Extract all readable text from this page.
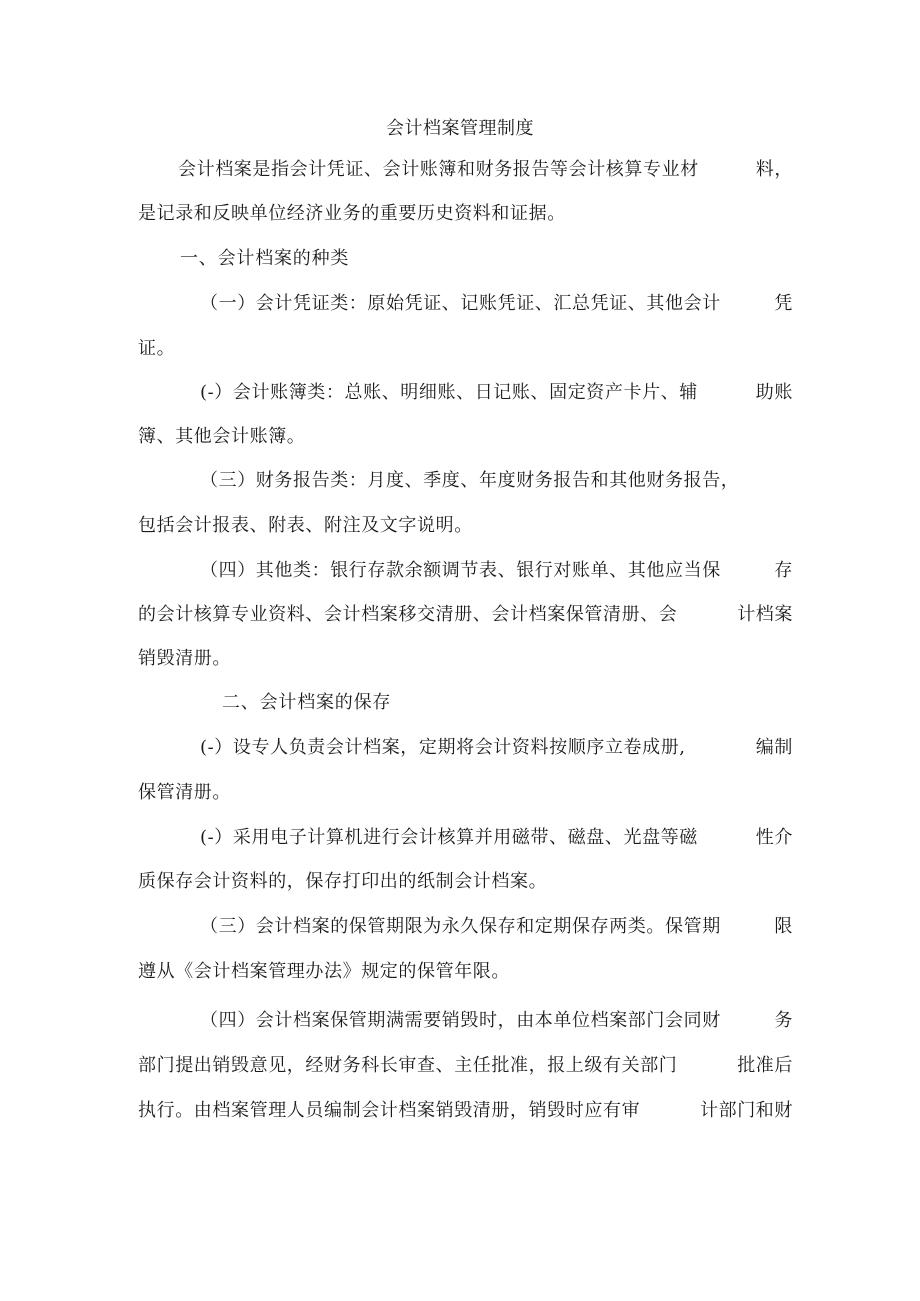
会计档案管理制度
会计档案是指会计凭证、会计账簿和财务报告等会计核算专业材	料，
是记录和反映单位经济业务的重要历史资料和证据。
一、会计档案的种类
（一）会计凭证类：原始凭证、记账凭证、汇总凭证、其他会计	凭
证。
(-）会计账簿类：总账、明细账、日记账、固定资产卡片、辅	助账
簿、其他会计账簿。
（三）财务报告类：月度、季度、年度财务报告和其他财务报告，
包括会计报表、附表、附注及文字说明。
（四）其他类：银行存款余额调节表、银行对账单、其他应当保	存
的会计核算专业资料、会计档案移交清册、会计档案保管清册、会	计档案
销毁清册。
二、会计档案的保存
(-）设专人负责会计档案，定期将会计资料按顺序立卷成册,	编制
保管清册。
(-）采用电子计算机进行会计核算并用磁带、磁盘、光盘等磁	性介
质保存会计资料的，保存打印出的纸制会计档案。
（三）会计档案的保管期限为永久保存和定期保存两类。保管期	限
遵从《会计档案管理办法》规定的保管年限。
（四）会计档案保管期满需要销毁时，由本单位档案部门会同财	务
部门提出销毁意见，经财务科长审查、主任批准，报上级有关部门	批准后
执行。由档案管理人员编制会计档案销毁清册，销毁时应有审	计部门和财
